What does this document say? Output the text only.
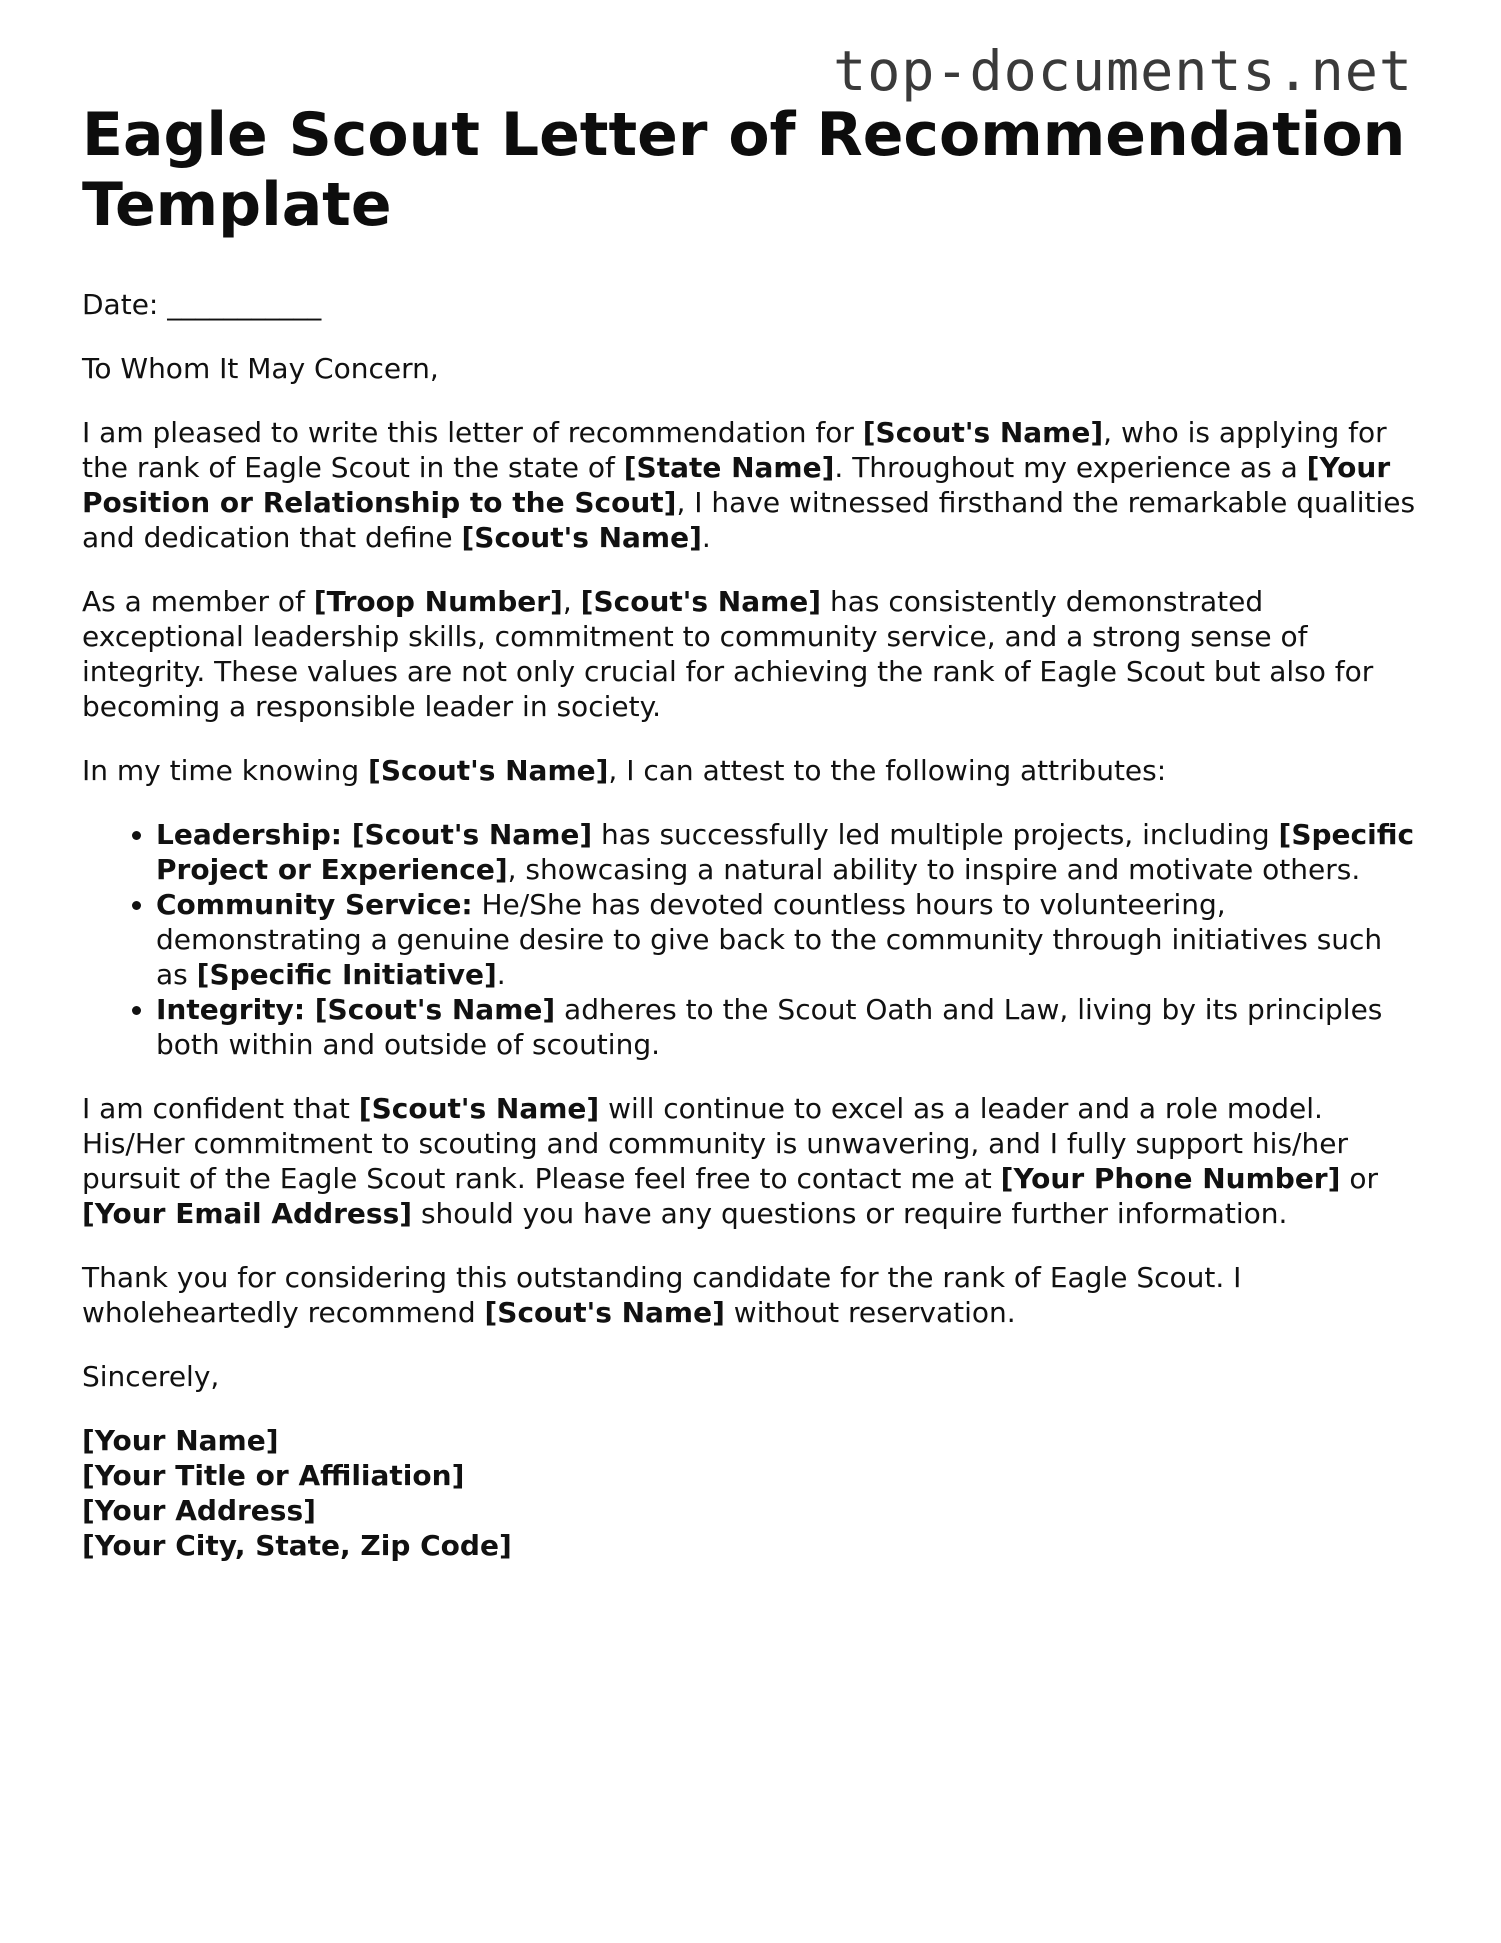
top-documents.net
Eagle Scout Letter of Recommendation Template
Date: ___________
To Whom It May Concern,

I am pleased to write this letter of recommendation for [Scout's Name], who is applying for the rank of Eagle Scout in the state of [State Name]. Throughout my experience as a [Your Position or Relationship to the Scout], I have witnessed firsthand the remarkable qualities and dedication that define [Scout's Name].

As a member of [Troop Number], [Scout's Name] has consistently demonstrated exceptional leadership skills, commitment to community service, and a strong sense of integrity. These values are not only crucial for achieving the rank of Eagle Scout but also for becoming a responsible leader in society.

In my time knowing [Scout's Name], I can attest to the following attributes:

• Leadership: [Scout's Name] has successfully led multiple projects, including [Specific Project or Experience], showcasing a natural ability to inspire and motivate others.
• Community Service: He/She has devoted countless hours to volunteering, demonstrating a genuine desire to give back to the community through initiatives such as [Specific Initiative].
• Integrity: [Scout's Name] adheres to the Scout Oath and Law, living by its principles both within and outside of scouting.

I am confident that [Scout's Name] will continue to excel as a leader and a role model. His/Her commitment to scouting and community is unwavering, and I fully support his/her pursuit of the Eagle Scout rank. Please feel free to contact me at [Your Phone Number] or [Your Email Address] should you have any questions or require further information.

Thank you for considering this outstanding candidate for the rank of Eagle Scout. I wholeheartedly recommend [Scout's Name] without reservation.

Sincerely,
[Your Name]
[Your Title or Affiliation]
[Your Address]
[Your City, State, Zip Code]
